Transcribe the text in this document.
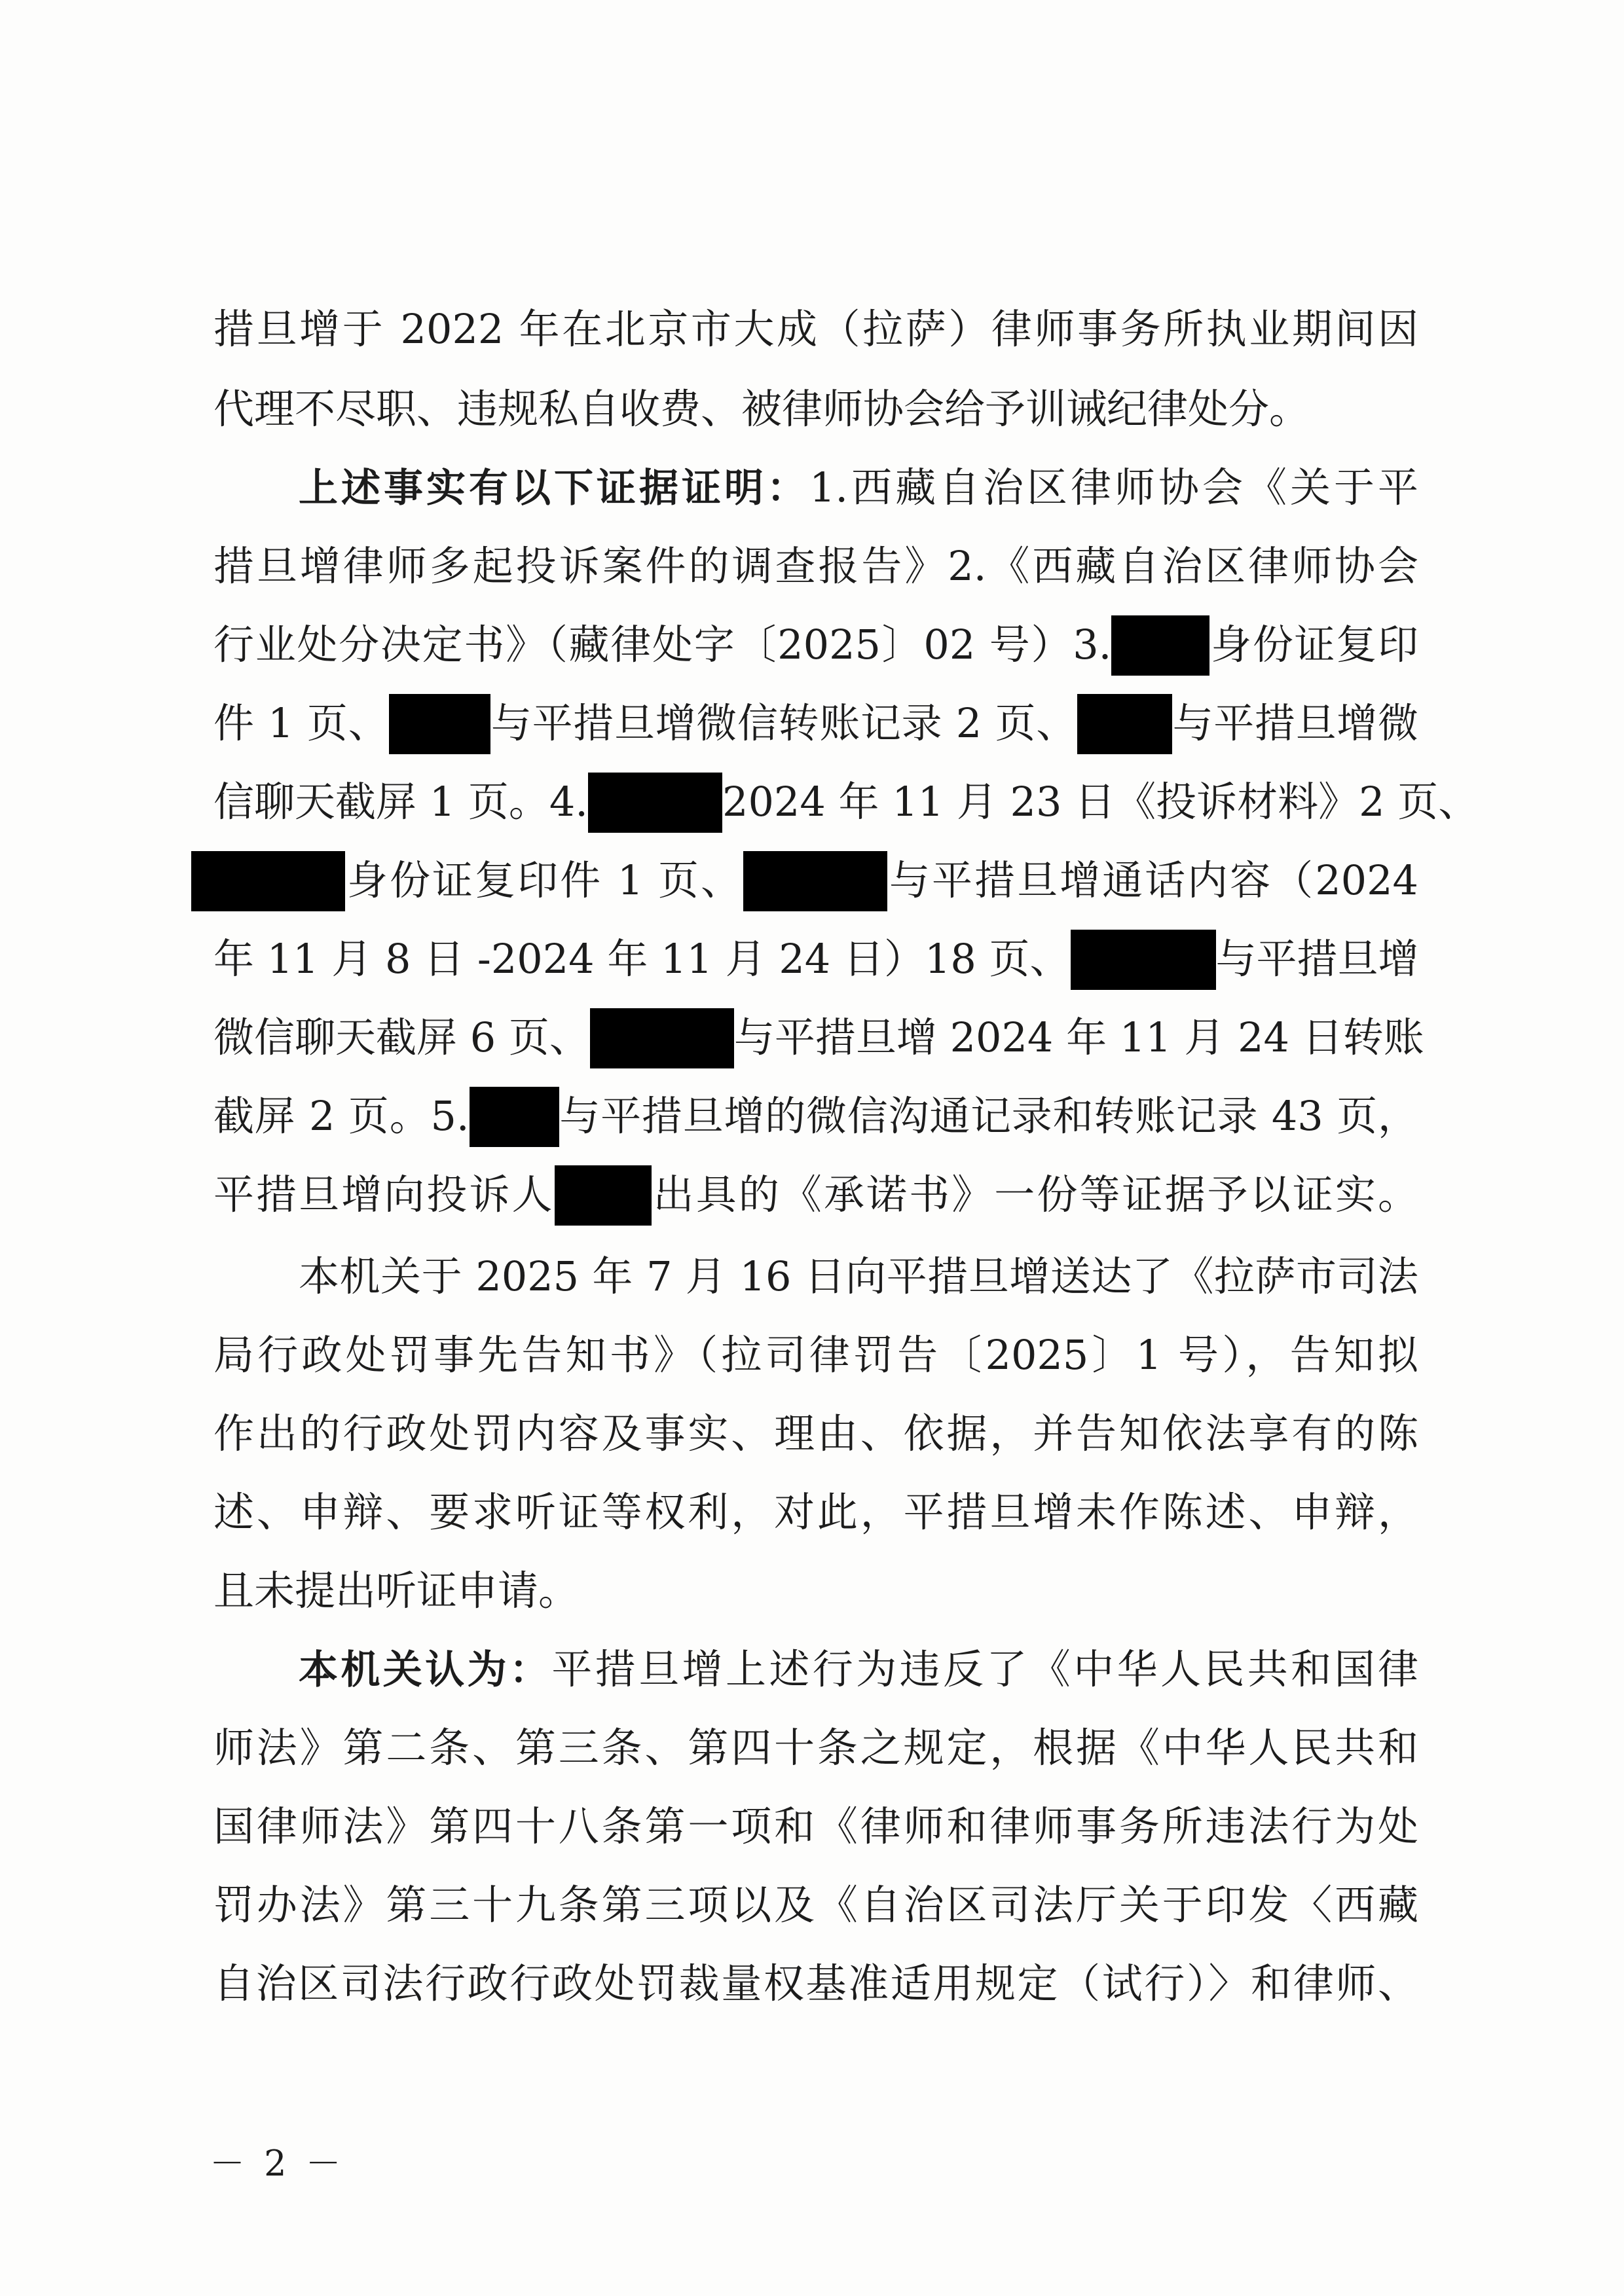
措旦增于 2022 年在北京市大成（拉萨）律师事务所执业期间因
代理不尽职、违规私自收费、被律师协会给予训诫纪律处分。
上述事实有以下证据证明：1.西藏自治区律师协会《关于平
措旦增律师多起投诉案件的调查报告》2.《西藏自治区律师协会
行业处分决定书》（藏律处字〔2025〕02 号）3. 身份证复印
件 1 页、	与平措旦增微信转账记录 2 页、 与平措旦增微
信聊天截屏 1 页。4.	2024 年 11 月 23 日《投诉材料》2 页、
身份证复印件 1 页、	与平措旦增通话内容（2024
年 11 月 8 日 -2024 年 11 月 24 日）18 页、	与平措旦增
微信聊天截屏 6 页、	与平措旦增 2024 年 11 月 24 日转账
截屏 2 页。5. 与平措旦增的微信沟通记录和转账记录 43 页，
平措旦增向投诉人 出具的《承诺书》一份等证据予以证实。
本机关于 2025 年 7 月 16 日向平措旦增送达了《拉萨市司法
局行政处罚事先告知书》（拉司律罚告〔2025〕1 号），告知拟
作出的行政处罚内容及事实、理由、依据，并告知依法享有的陈
述、申辩、要求听证等权利，对此，平措旦增未作陈述、申辩，
且未提出听证申请。
本机关认为：平措旦增上述行为违反了《中华人民共和国律
师法》第二条、第三条、第四十条之规定，根据《中华人民共和
国律师法》第四十八条第一项和《律师和律师事务所违法行为处
罚办法》第三十九条第三项以及《自治区司法厅关于印发〈西藏
自治区司法行政行政处罚裁量权基准适用规定（试行）〉和律师、
－ 2 －
